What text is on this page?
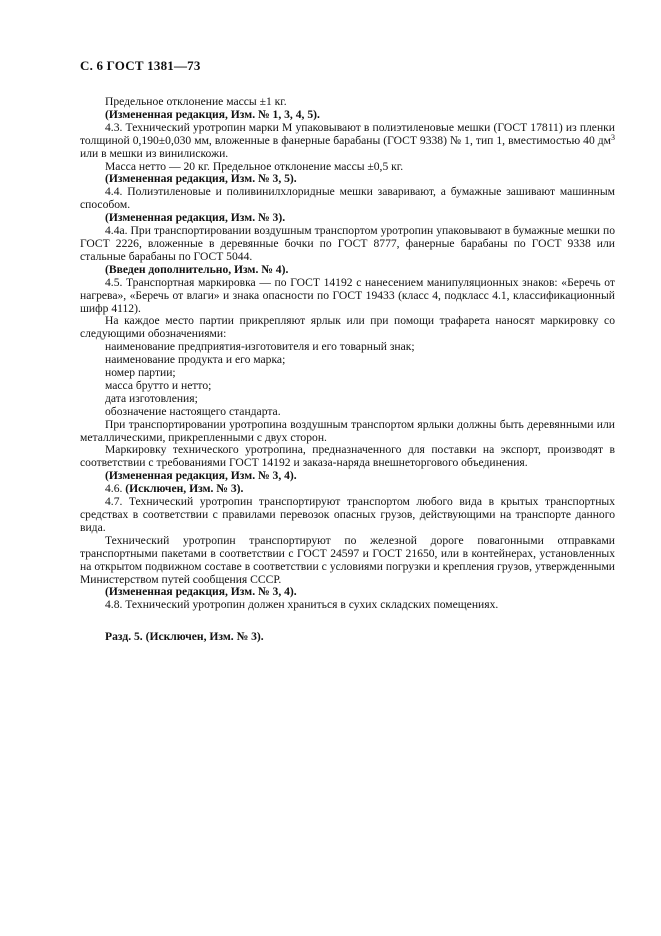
С. 6 ГОСТ 1381—73

Предельное отклонение массы ±1 кг.

(Измененная редакция, Изм. № 1, 3, 4, 5).

4.3. Технический уротропин марки М упаковывают в полиэтиленовые мешки (ГОСТ 17811) из пленки толщиной 0,190±0,030 мм, вложенные в фанерные барабаны (ГОСТ 9338) № 1, тип 1, вместимостью 40 $дм^3$ или в мешки из винилискожи.

Масса нетто — 20 кг. Предельное отклонение массы ±0,5 кг.

(Измененная редакция, Изм. № 3, 5).

4.4. Полиэтиленовые и поливинилхлоридные мешки заваривают, а бумажные зашивают машинным способом.

(Измененная редакция, Изм. № 3).

4.4а. При транспортировании воздушным транспортом уротропин упаковывают в бумажные мешки по ГОСТ 2226, вложенные в деревянные бочки по ГОСТ 8777, фанерные барабаны по ГОСТ 9338 или стальные барабаны по ГОСТ 5044.

(Введен дополнительно, Изм. № 4).

4.5. Транспортная маркировка — по ГОСТ 14192 с нанесением манипуляционных знаков: «Беречь от нагрева», «Беречь от влаги» и знака опасности по ГОСТ 19433 (класс 4, подкласс 4.1, классификационный шифр 4112).

На каждое место партии прикрепляют ярлык или при помощи трафарета наносят маркировку со следующими обозначениями:

наименование предприятия-изготовителя и его товарный знак;

наименование продукта и его марка;

номер партии;

масса брутто и нетто;

дата изготовления;

обозначение настоящего стандарта.

При транспортировании уротропина воздушным транспортом ярлыки должны быть деревянными или металлическими, прикрепленными с двух сторон.

Маркировку технического уротропина, предназначенного для поставки на экспорт, производят в соответствии с требованиями ГОСТ 14192 и заказа-наряда внешнеторгового объединения.

(Измененная редакция, Изм. № 3, 4).

4.6. (Исключен, Изм. № 3).

4.7. Технический уротропин транспортируют транспортом любого вида в крытых транспортных средствах в соответствии с правилами перевозок опасных грузов, действующими на транспорте данного вида.

Технический уротропин транспортируют по железной дороге повагонными отправками транспортными пакетами в соответствии с ГОСТ 24597 и ГОСТ 21650, или в контейнерах, установленных на открытом подвижном составе в соответствии с условиями погрузки и крепления грузов, утвержденными Министерством путей сообщения СССР.

(Измененная редакция, Изм. № 3, 4).

4.8. Технический уротропин должен храниться в сухих складских помещениях.

Разд. 5. (Исключен, Изм. № 3).
